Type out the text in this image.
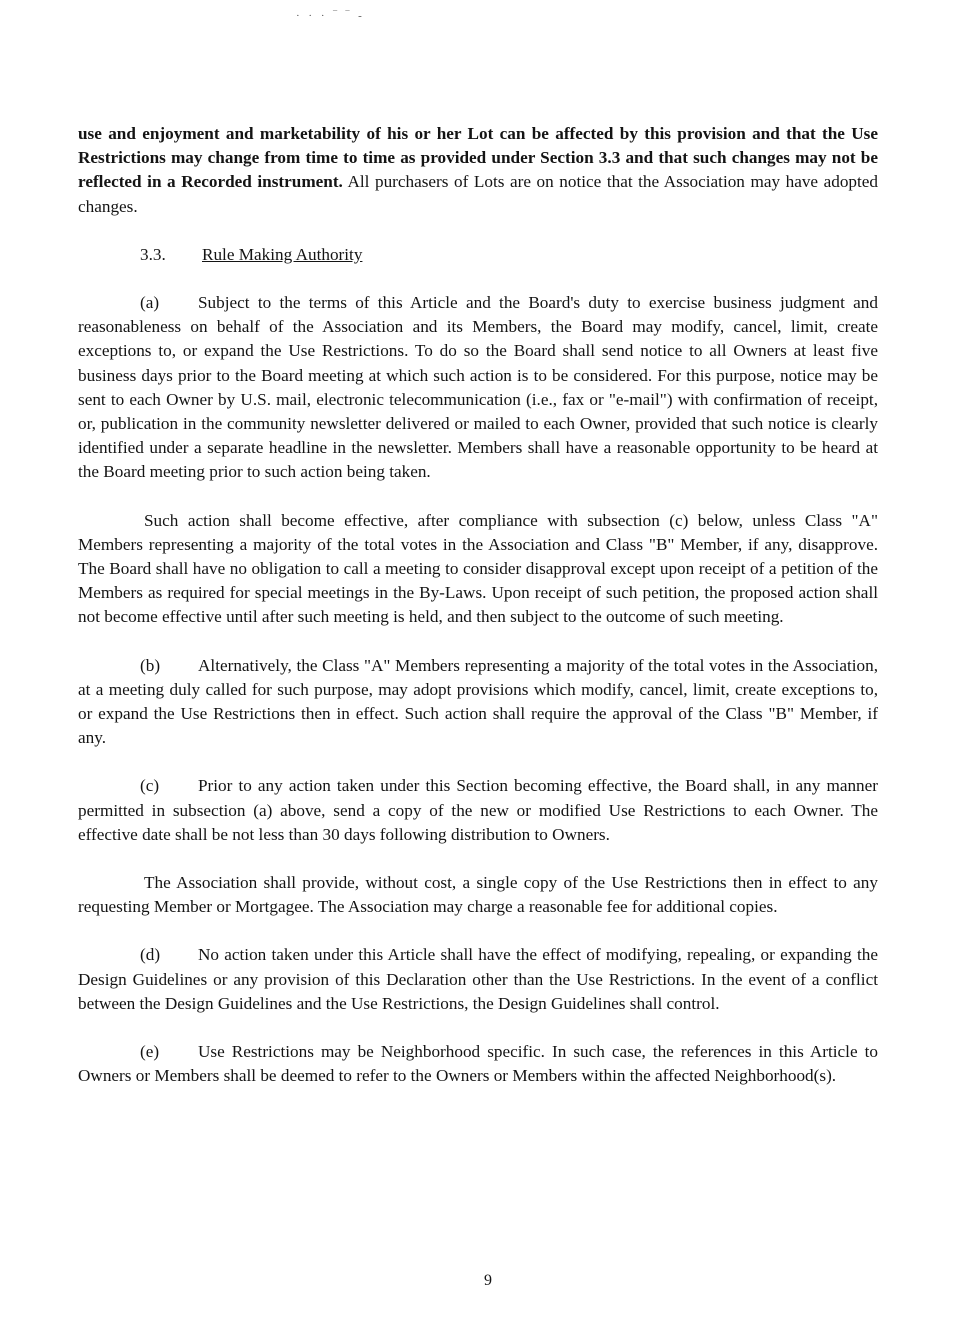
· · · ‾ ‾ -

use and enjoyment and marketability of his or her Lot can be affected by this provision and that the Use Restrictions may change from time to time as provided under Section 3.3 and that such changes may not be reflected in a Recorded instrument. All purchasers of Lots are on notice that the Association may have adopted changes.

3.3. Rule Making Authority

(a) Subject to the terms of this Article and the Board's duty to exercise business judgment and reasonableness on behalf of the Association and its Members, the Board may modify, cancel, limit, create exceptions to, or expand the Use Restrictions. To do so the Board shall send notice to all Owners at least five business days prior to the Board meeting at which such action is to be considered. For this purpose, notice may be sent to each Owner by U.S. mail, electronic telecommunication (i.e., fax or "e-mail") with confirmation of receipt, or, publication in the community newsletter delivered or mailed to each Owner, provided that such notice is clearly identified under a separate headline in the newsletter. Members shall have a reasonable opportunity to be heard at the Board meeting prior to such action being taken.

Such action shall become effective, after compliance with subsection (c) below, unless Class "A" Members representing a majority of the total votes in the Association and Class "B" Member, if any, disapprove. The Board shall have no obligation to call a meeting to consider disapproval except upon receipt of a petition of the Members as required for special meetings in the By-Laws. Upon receipt of such petition, the proposed action shall not become effective until after such meeting is held, and then subject to the outcome of such meeting.

(b) Alternatively, the Class "A" Members representing a majority of the total votes in the Association, at a meeting duly called for such purpose, may adopt provisions which modify, cancel, limit, create exceptions to, or expand the Use Restrictions then in effect. Such action shall require the approval of the Class "B" Member, if any.

(c) Prior to any action taken under this Section becoming effective, the Board shall, in any manner permitted in subsection (a) above, send a copy of the new or modified Use Restrictions to each Owner. The effective date shall be not less than 30 days following distribution to Owners.

The Association shall provide, without cost, a single copy of the Use Restrictions then in effect to any requesting Member or Mortgagee. The Association may charge a reasonable fee for additional copies.

(d) No action taken under this Article shall have the effect of modifying, repealing, or expanding the Design Guidelines or any provision of this Declaration other than the Use Restrictions. In the event of a conflict between the Design Guidelines and the Use Restrictions, the Design Guidelines shall control.

(e) Use Restrictions may be Neighborhood specific. In such case, the references in this Article to Owners or Members shall be deemed to refer to the Owners or Members within the affected Neighborhood(s).

9
